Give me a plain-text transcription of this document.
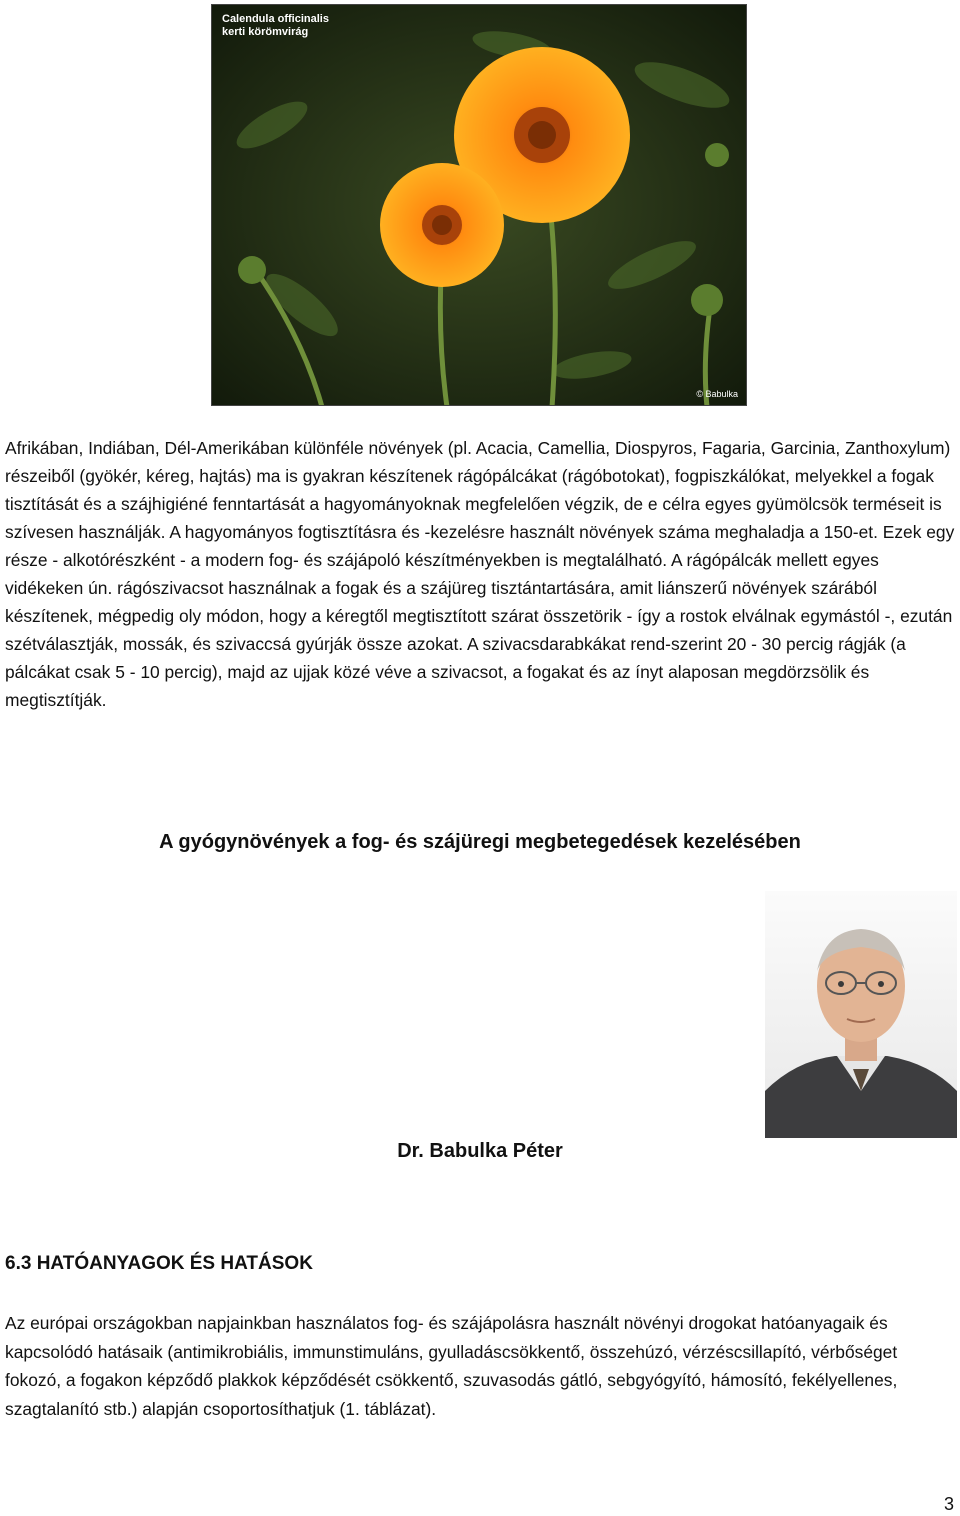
Calendula officinalis
kerti körömvirág
© Babulka

Afrikában, Indiában, Dél-Amerikában különféle növények (pl. Acacia, Camellia, Diospyros, Fagaria, Garcinia, Zanthoxylum) részeiből (gyökér, kéreg, hajtás) ma is gyakran készítenek rágópálcákat (rágóbotokat), fogpiszkálókat, melyekkel a fogak tisztítását és a szájhigiéné fenntartását a hagyományoknak megfelelően végzik, de e célra egyes gyümölcsök terméseit is szívesen használják. A hagyományos fogtisztításra és -kezelésre használt növények száma meghaladja a 150-et. Ezek egy része - alkotórészként - a modern fog- és szájápoló készítményekben is megtalálható. A rágópálcák mellett egyes vidékeken ún. rágószivacsot használnak a fogak és a szájüreg tisztántartására, amit liánszerű növények szárából készítenek, mégpedig oly módon, hogy a kéregtől megtisztított szárat összetörik - így a rostok elválnak egymástól -, ezután szétválasztják, mossák, és szivaccsá gyúrják össze azokat. A szivacsdarabkákat rend-szerint 20 - 30 percig rágják (a pálcákat csak 5 - 10 percig), majd az ujjak közé véve a szivacsot, a fogakat és az ínyt alaposan megdörzsölik és megtisztítják.

A gyógynövények a fog- és szájüregi megbetegedések kezelésében
Dr. Babulka Péter
6.3 HATÓANYAGOK ÉS HATÁSOK

Az európai országokban napjainkban használatos fog- és szájápolásra használt növényi drogokat hatóanyagaik és kapcsolódó hatásaik (antimikrobiális, immunstimuláns, gyulladáscsökkentő, összehúzó, vérzéscsillapító, vérbőséget fokozó, a fogakon képződő plakkok képződését csökkentő, szuvasodás gátló, sebgyógyító, hámosító, fekélyellenes, szagtalanító stb.) alapján csoportosíthatjuk (1. táblázat).

3
